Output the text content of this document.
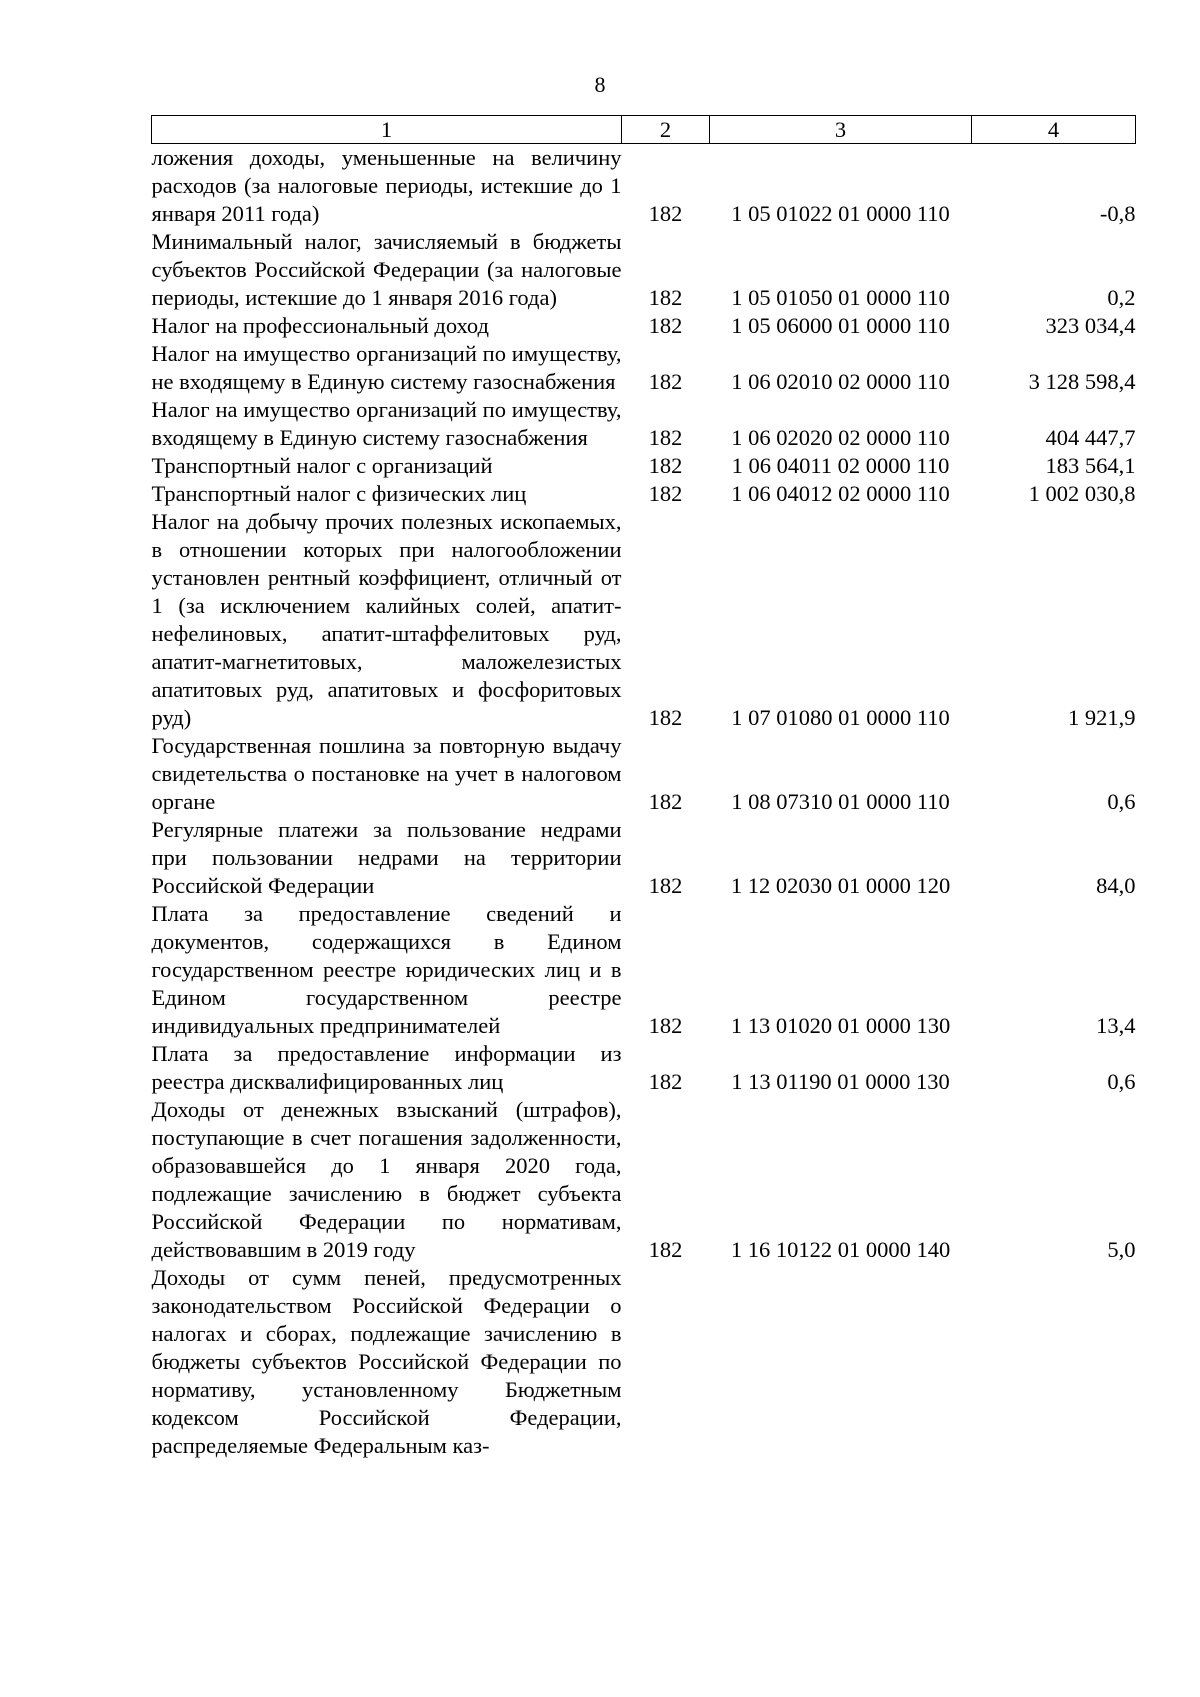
8
1	2	3	4
ложения доходы, уменьшенные на величину расходов (за налоговые периоды, истекшие до 1 января 2011 года)	182	1 05 01022 01 0000 110	-0,8
Минимальный налог, зачисляемый в бюджеты субъектов Российской Федерации (за налоговые периоды, истекшие до 1 января 2016 года)	182	1 05 01050 01 0000 110	0,2
Налог на профессиональный доход	182	1 05 06000 01 0000 110	323 034,4
Налог на имущество организаций по имуществу, не входящему в Единую систему газоснабжения	182	1 06 02010 02 0000 110	3 128 598,4
Налог на имущество организаций по имуществу, входящему в Единую систему газоснабжения	182	1 06 02020 02 0000 110	404 447,7
Транспортный налог с организаций	182	1 06 04011 02 0000 110	183 564,1
Транспортный налог с физических лиц	182	1 06 04012 02 0000 110	1 002 030,8
Налог на добычу прочих полезных ископаемых, в отношении которых при налогообложении установлен рентный коэффициент, отличный от 1 (за исключением калийных солей, апатит-нефелиновых, апатит-штаффелитовых руд, апатит-магнетитовых, маложелезистых апатитовых руд, апатитовых и фосфоритовых руд)	182	1 07 01080 01 0000 110	1 921,9
Государственная пошлина за повторную выдачу свидетельства о постановке на учет в налоговом органе	182	1 08 07310 01 0000 110	0,6
Регулярные платежи за пользование недрами при пользовании недрами на территории Российской Федерации	182	1 12 02030 01 0000 120	84,0
Плата за предоставление сведений и документов, содержащихся в Едином государственном реестре юридических лиц и в Едином государственном реестре индивидуальных предпринимателей	182	1 13 01020 01 0000 130	13,4
Плата за предоставление информации из реестра дисквалифицированных лиц	182	1 13 01190 01 0000 130	0,6
Доходы от денежных взысканий (штрафов), поступающие в счет погашения задолженности, образовавшейся до 1 января 2020 года, подлежащие зачислению в бюджет субъекта Российской Федерации по нормативам, действовавшим в 2019 году	182	1 16 10122 01 0000 140	5,0
Доходы от сумм пеней, предусмотренных законодательством Российской Федерации о налогах и сборах, подлежащие зачислению в бюджеты субъектов Российской Федерации по нормативу, установленному Бюджетным кодексом Российской Федерации, распределяемые Федеральным каз-			
